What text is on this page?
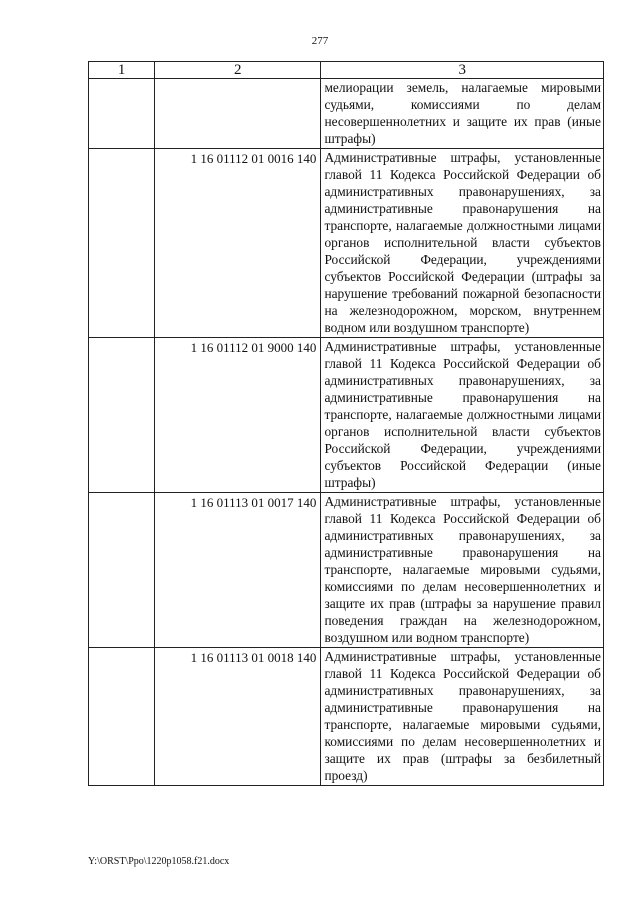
277
1	2	3
		мелиорации земель, налагаемые мировыми судьями, комиссиями по делам несовершеннолетних и защите их прав (иные штрафы)
	1 16 01112 01 0016 140	Административные штрафы, установленные главой 11 Кодекса Российской Федерации об административных правонарушениях, за административные правонарушения на транспорте, налагаемые должностными лицами органов исполнительной власти субъектов Российской Федерации, учреждениями субъектов Российской Федерации (штрафы за нарушение требований пожарной безопасности на железнодорожном, морском, внутреннем водном или воздушном транспорте)
	1 16 01112 01 9000 140	Административные штрафы, установленные главой 11 Кодекса Российской Федерации об административных правонарушениях, за административные правонарушения на транспорте, налагаемые должностными лицами органов исполнительной власти субъектов Российской Федерации, учреждениями субъектов Российской Федерации (иные штрафы)
	1 16 01113 01 0017 140	Административные штрафы, установленные главой 11 Кодекса Российской Федерации об административных правонарушениях, за административные правонарушения на транспорте, налагаемые мировыми судьями, комиссиями по делам несовершеннолетних и защите их прав (штрафы за нарушение правил поведения граждан на железнодорожном, воздушном или водном транспорте)
	1 16 01113 01 0018 140	Административные штрафы, установленные главой 11 Кодекса Российской Федерации об административных правонарушениях, за административные правонарушения на транспорте, налагаемые мировыми судьями, комиссиями по делам несовершеннолетних и защите их прав (штрафы за безбилетный проезд)
Y:\ORST\Ppo\1220p1058.f21.docx
